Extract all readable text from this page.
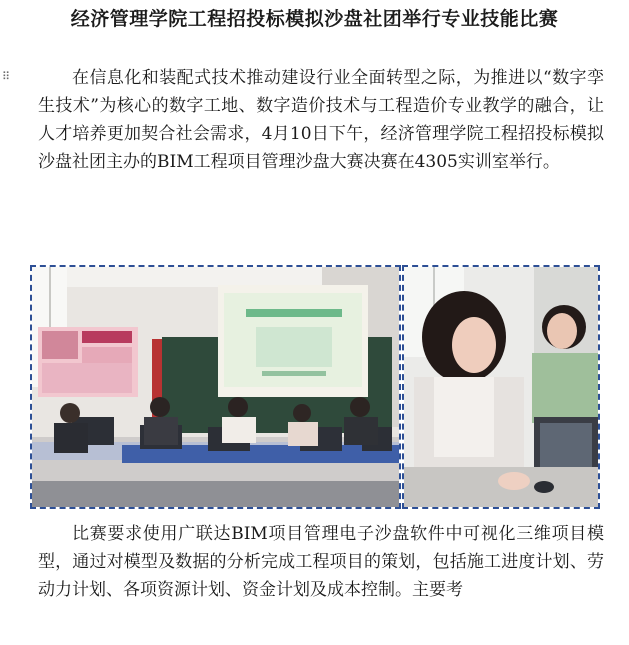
经济管理学院工程招投标模拟沙盘社团举行专业技能比赛
⠿	在信息化和装配式技术推动建设行业全面转型之际，为推进以“数字孪生技术”为核心的数字工地、数字造价技术与工程造价专业教学的融合，让人才培养更加契合社会需求，4月10日下午，经济管理学院工程招投标模拟沙盘社团主办的BIM工程项目管理沙盘大赛决赛在4305实训室举行。

比赛要求使用广联达BIM项目管理电子沙盘软件中可视化三维项目模型，通过对模型及数据的分析完成工程项目的策划，包括施工进度计划、劳动力计划、各项资源计划、资金计划及成本控制。主要考
